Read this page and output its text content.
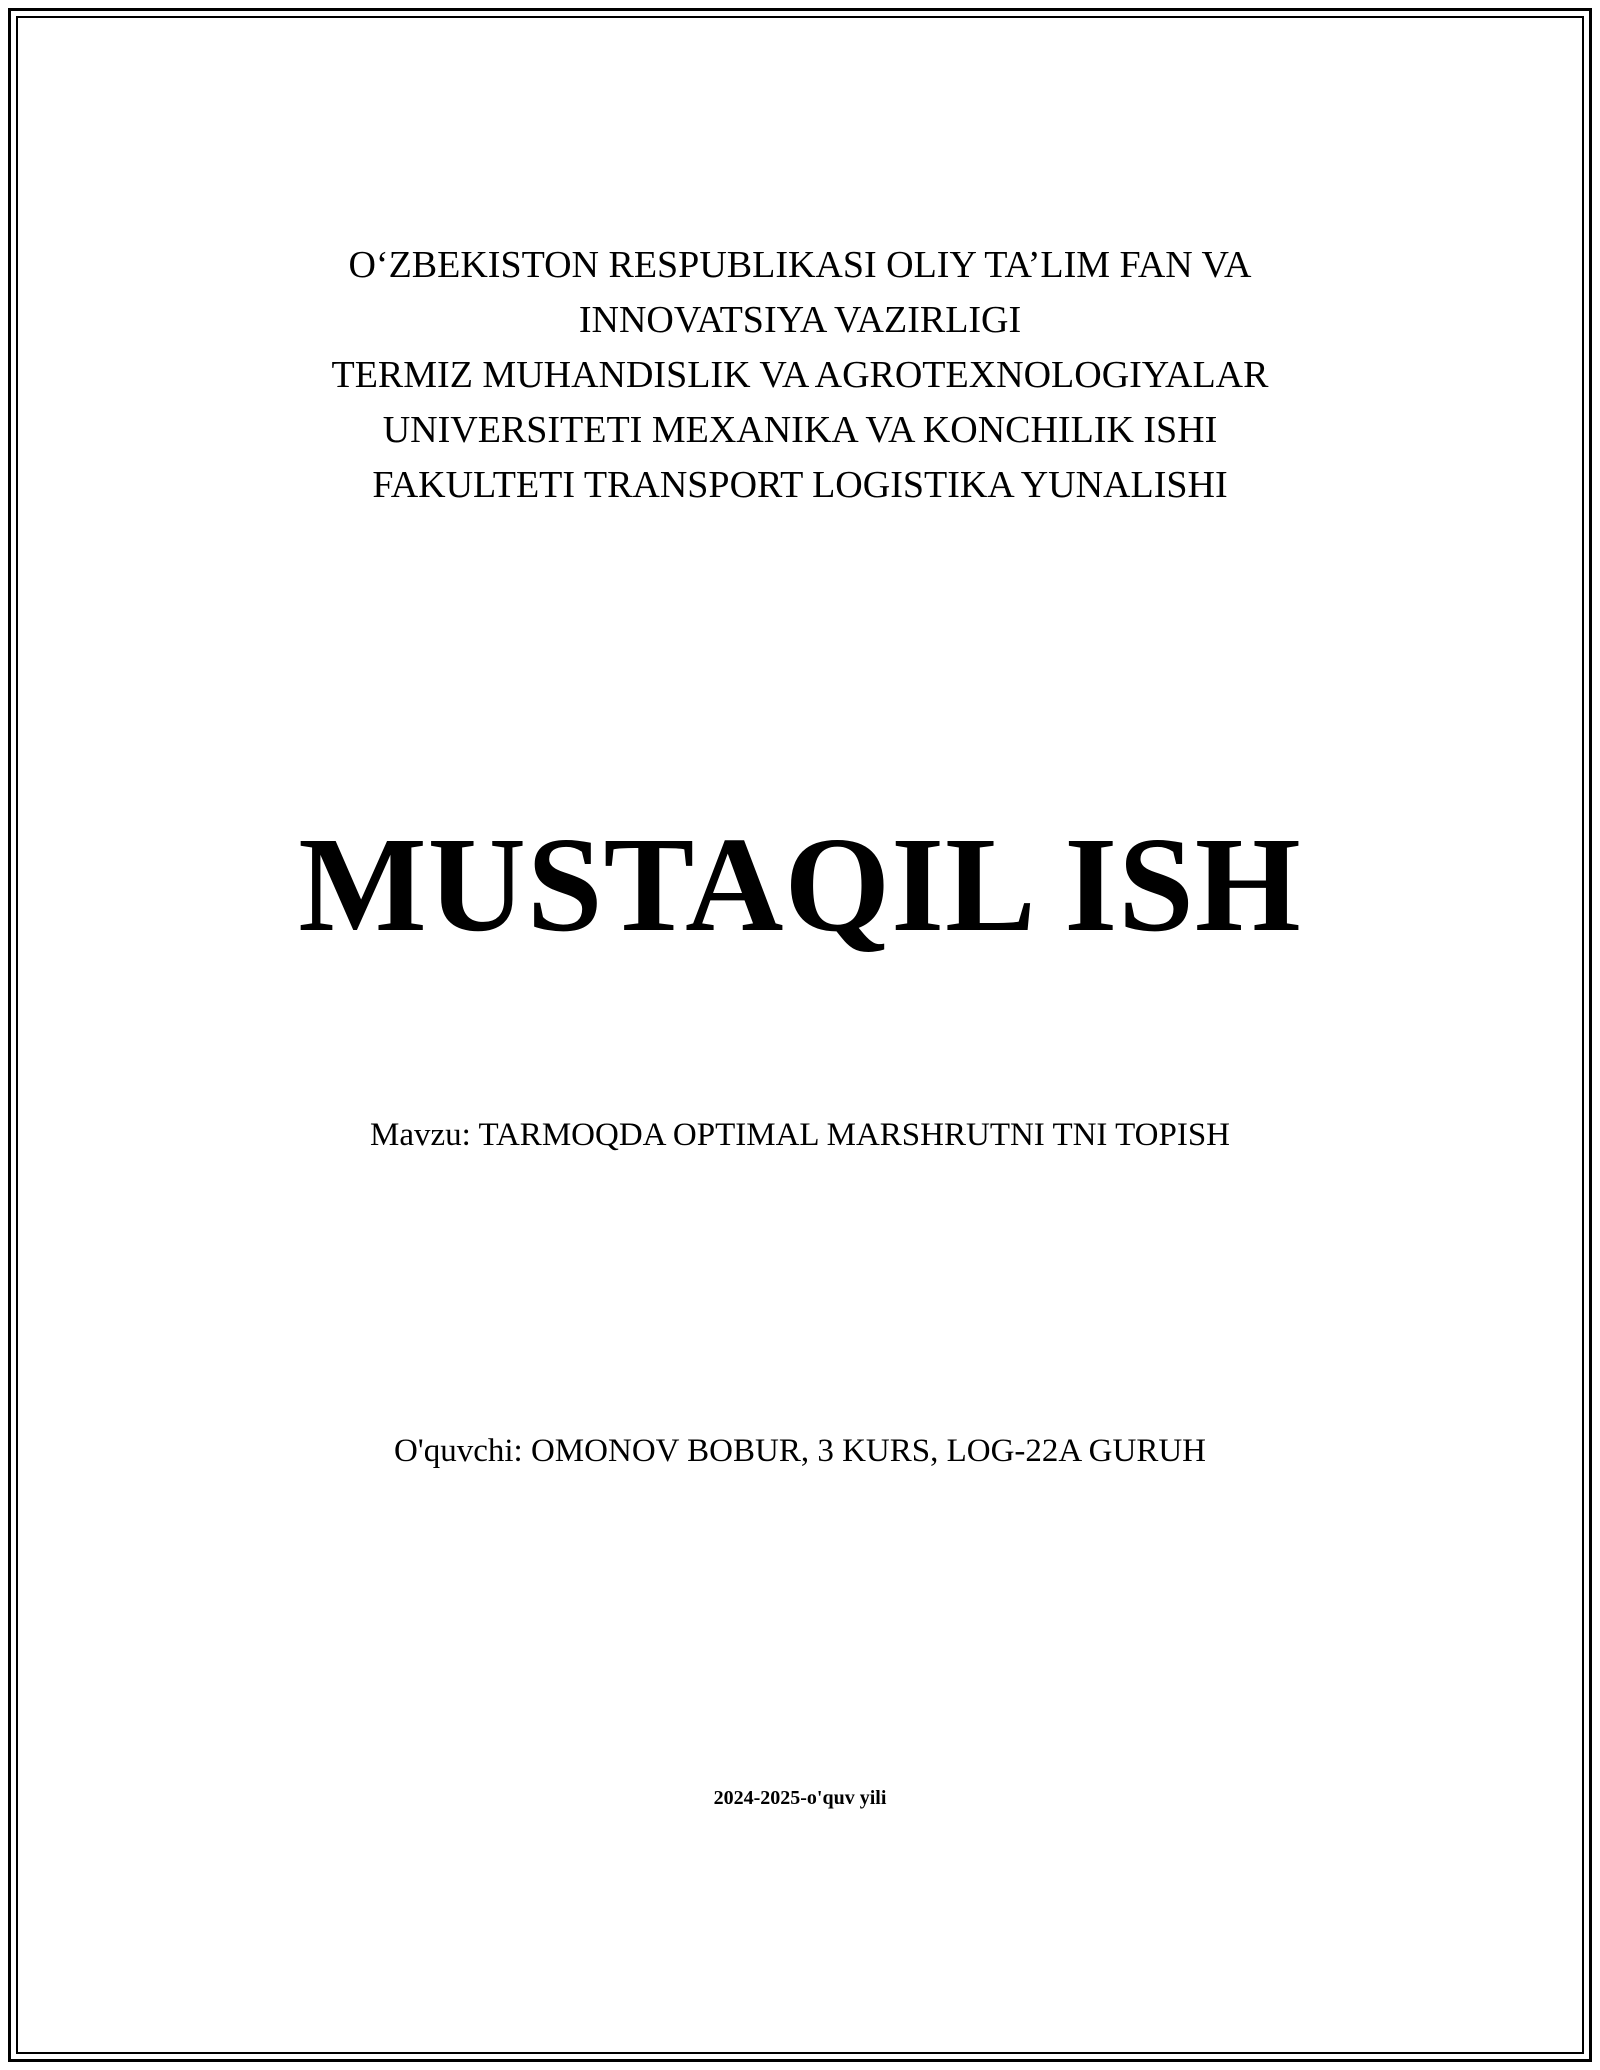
O‘ZBEKISTON RESPUBLIKASI OLIY TA’LIM FAN VA
INNOVATSIYA VAZIRLIGI
TERMIZ MUHANDISLIK VA AGROTEXNOLOGIYALAR
UNIVERSITETI MEXANIKA VA KONCHILIK ISHI
FAKULTETI TRANSPORT LOGISTIKA YUNALISHI
MUSTAQIL ISH
Mavzu: TARMOQDA OPTIMAL MARSHRUTNI TNI TOPISH
O'quvchi: OMONOV BOBUR, 3 KURS, LOG-22A GURUH
2024-2025-o'quv yili
